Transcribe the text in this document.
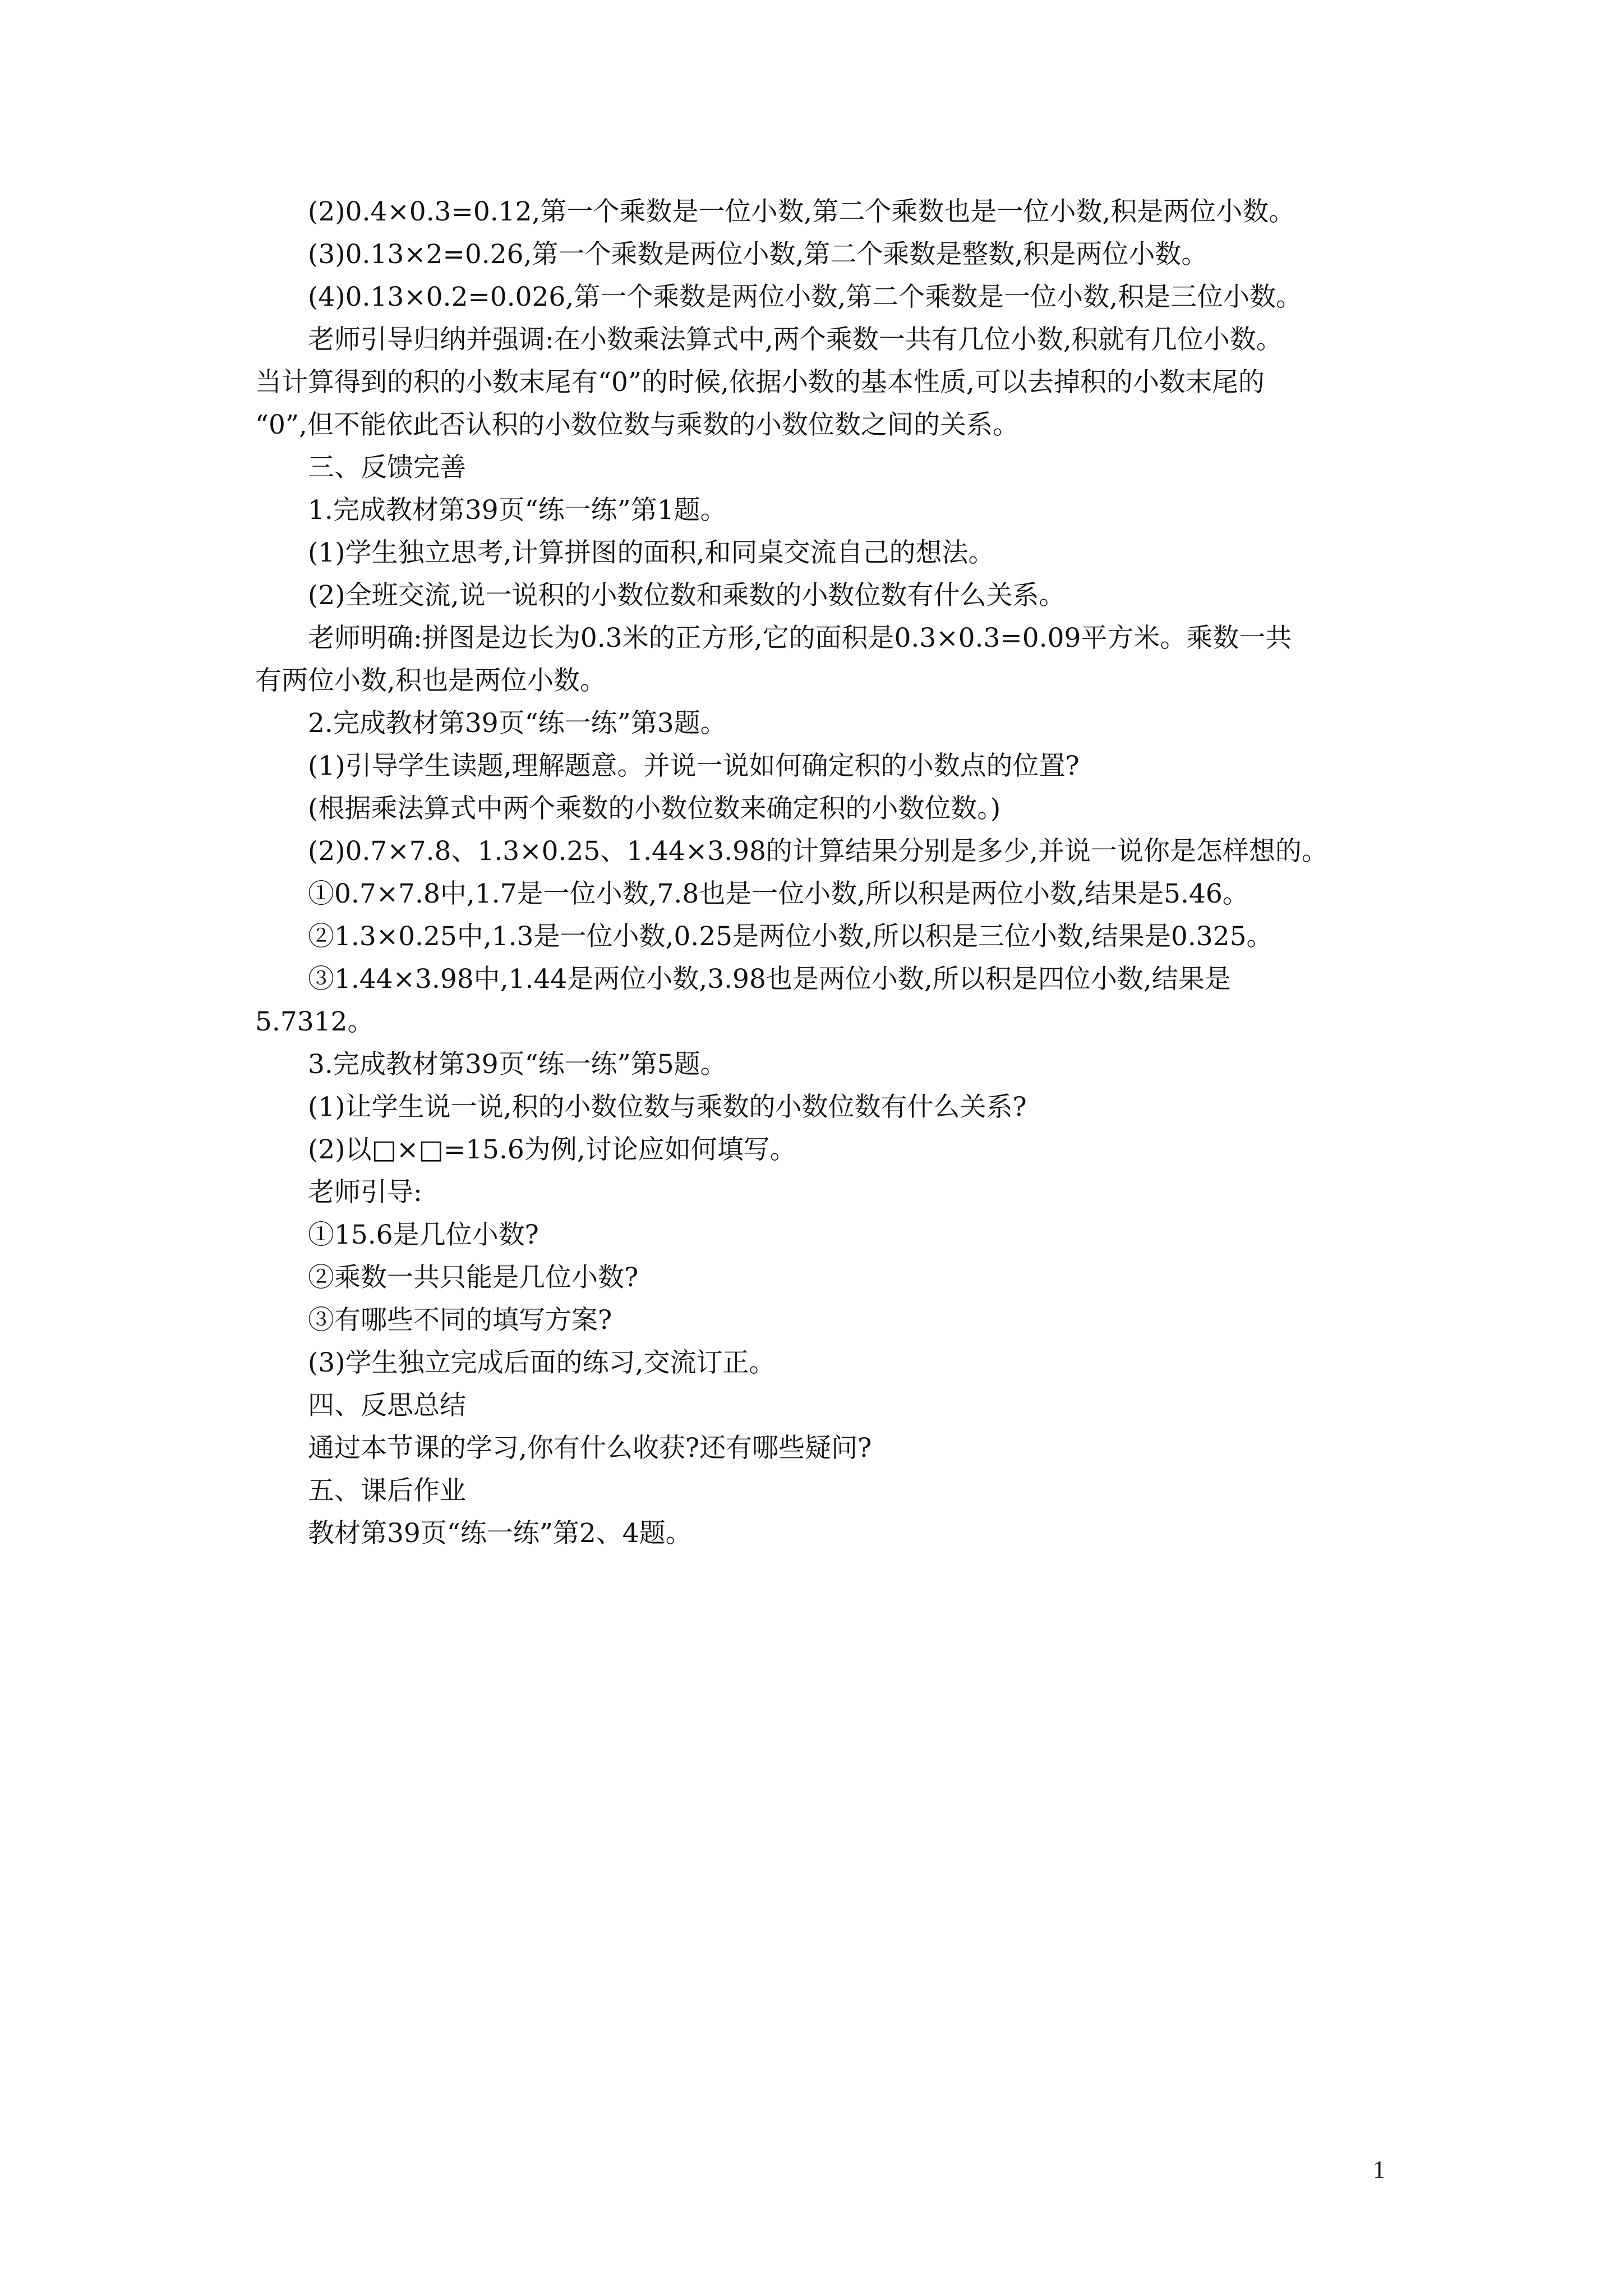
(2)0.4×0.3=0.12,第一个乘数是一位小数,第二个乘数也是一位小数,积是两位小数。
(3)0.13×2=0.26,第一个乘数是两位小数,第二个乘数是整数,积是两位小数。
(4)0.13×0.2=0.026,第一个乘数是两位小数,第二个乘数是一位小数,积是三位小数。
老师引导归纳并强调:在小数乘法算式中,两个乘数一共有几位小数,积就有几位小数。
当计算得到的积的小数末尾有“0”的时候,依据小数的基本性质,可以去掉积的小数末尾的
“0”,但不能依此否认积的小数位数与乘数的小数位数之间的关系。
三、反馈完善
1.完成教材第39页“练一练”第1题。
(1)学生独立思考,计算拼图的面积,和同桌交流自己的想法。
(2)全班交流,说一说积的小数位数和乘数的小数位数有什么关系。
老师明确:拼图是边长为0.3米的正方形,它的面积是0.3×0.3=0.09平方米。乘数一共
有两位小数,积也是两位小数。
2.完成教材第39页“练一练”第3题。
(1)引导学生读题,理解题意。并说一说如何确定积的小数点的位置?
(根据乘法算式中两个乘数的小数位数来确定积的小数位数。)
(2)0.7×7.8、1.3×0.25、1.44×3.98的计算结果分别是多少,并说一说你是怎样想的。
①0.7×7.8中,1.7是一位小数,7.8也是一位小数,所以积是两位小数,结果是5.46。
②1.3×0.25中,1.3是一位小数,0.25是两位小数,所以积是三位小数,结果是0.325。
③1.44×3.98中,1.44是两位小数,3.98也是两位小数,所以积是四位小数,结果是
5.7312。
3.完成教材第39页“练一练”第5题。
(1)让学生说一说,积的小数位数与乘数的小数位数有什么关系?
(2)以□×□=15.6为例,讨论应如何填写。
老师引导:
①15.6是几位小数?
②乘数一共只能是几位小数?
③有哪些不同的填写方案?
(3)学生独立完成后面的练习,交流订正。
四、反思总结
通过本节课的学习,你有什么收获?还有哪些疑问?
五、课后作业
教材第39页“练一练”第2、4题。
1
